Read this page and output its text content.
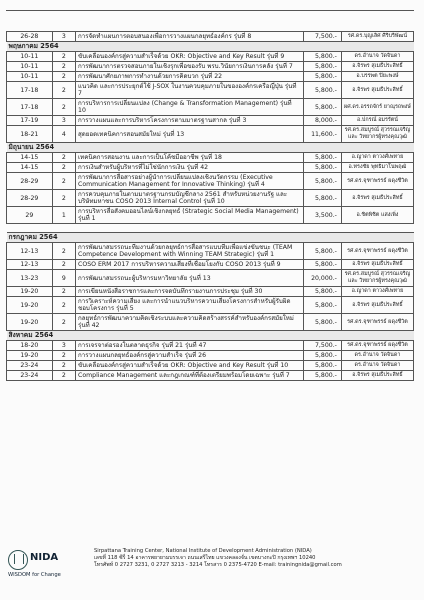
26-28	3	การจัดทำแผนการตอบสนองเพื่อการวางแผนกลยุทธ์องค์กร รุ่นที่ 8	7,500.-	รศ.ดร.บุญเลิศ ศิริบริพัฒน์
พฤษภาคม 2564				
10-11	2	ขับเคลื่อนองค์กรสู่ความสำเร็จด้วย OKR: Objective and Key Result รุ่นที่ 9	5,800.-	ดร.อำนาจ วัดจินดา
10-11	2	การพัฒนาการตรวจสอบภายในเชิงรุกเพื่อของรับ พรบ.วินัยการเงินการคลัง รุ่นที่ 7	5,800.-	อ.จิรพร สุเมธีประสิทธิ์
10-11	2	การพัฒนาศักยภาพการทำงานด้วยการคิดบวก รุ่นที่ 22	5,800.-	อ.บรรพต ปิยะพงษ์
17-18	2	แนวคิด และการประยุกต์ใช้ J-SOX ในงานควบคุมภายในขององค์กรเครือญี่ปุ่น รุ่นที่ 7	5,800.-	อ.จิรพร สุเมธีประสิทธิ์
17-18	2	การบริหารการเปลี่ยนแปลง (Change & Transformation Management) รุ่นที่ 10	5,800.-	ผศ.ดร.อรรถจักร์ ยาณุรถพงษ์
17-19	3	การวางแผนและการบริหารโครงการตามมาตรฐานสากล รุ่นที่ 3	8,000.-	อ.ปกรณ์ อมรรัตน์
18-21	4	สุดยอดเทคนิคการสอนสมัยใหม่ รุ่นที่ 13	11,600.-	รศ.ดร.สมบูรณ์ สุวรรณเจริญ และ วิทยากรผู้ทรงคุณวุฒิ
มิถุนายน 2564				
14-15	2	เทคนิคการสอนงาน และการเป็นโค้ชมืออาชีพ รุ่นที่ 18	5,800.-	อ.ญาดา ตาวงศ์เพทาย
14-15	2	การเงินสำหรับผู้บริหารที่ไม่ใช่นักการเงิน รุ่นที่ 42	5,800.-	อ.ทรงชัย พุทธิมาโนพฤฒิ
28-29	2	การพัฒนาการสื่อสารอย่างผู้นำการเปลี่ยนแปลงเชิงนวัตกรรม (Executive Communication Management for Innovative Thinking) รุ่นที่ 4	5,800.-	รศ.ดร.จุฑาพรรธ์ ผดุงชีวิต
28-29	2	การควบคุมภายในตามมาตรฐานกรมบัญชีกลาง 2561 สำหรับหน่วยงานรัฐ และบริษัทมหาชน COSO 2013 Internal Control รุ่นที่ 10	5,800.-	อ.จิรพร สุเมธีประสิทธิ์
29	1	การบริหารสื่อสังคมออนไลน์เชิงกลยุทธ์ (Strategic Social Media Management) รุ่นที่ 1	3,500.-	อ.ชิตพิชิต แสงเพิ่ง

กรกฎาคม 2564				
12-13	2	การพัฒนาสมรรถนะทีมงานด้วยกลยุทธ์การสื่อสารแบบทีมเพื่อแข่งขันชนะ (TEAM Competence Development with Winning TEAM Strategic) รุ่นที่ 1	5,800.-	รศ.ดร.จุฑาพรรธ์ ผดุงชีวิต
12-13	2	COSO ERM 2017 การบริหารความเสี่ยงที่เชื่อมโยงกับ COSO 2013 รุ่นที่ 9	5,800.-	อ.จิรพร สุเมธีประสิทธิ์
13-23	9	การพัฒนาสมรรถนะผู้บริหารมหาวิทยาลัย รุ่นที่ 13	20,000.-	รศ.ดร.สมบูรณ์ สุวรรณเจริญ และ วิทยากรผู้ทรงคุณวุฒิ
19-20	2	การเขียนหนังสือราชการและการจดบันทึกรายงานการประชุม รุ่นที่ 30	5,800.-	อ.ญาดา ตาวงศ์เพทาย
19-20	2	การวิเคราะห์ความเสี่ยง และการนำแนวบริหารความเสี่ยงโครงการสำหรับผู้รับผิดชอบโครงการ รุ่นที่ 5	5,800.-	อ.จิรพร สุเมธีประสิทธิ์
19-20	2	กลยุทธ์การพัฒนาความคิดเชิงระบบและความคิดสร้างสรรค์สำหรับองค์กรสมัยใหม่ รุ่นที่ 42	5,800.-	รศ.ดร.จุฑาพรรธ์ ผดุงชีวิต
สิงหาคม 2564				
18-20	3	การเจรจาต่อรองในตลาดธุรกิจ รุ่นที่ 21 รุ่นที่ 47	7,500.-	รศ.ดร.จุฑาพรรธ์ ผดุงชีวิต
19-20	2	การวางแผนกลยุทธ์องค์กรสู่ความสำเร็จ รุ่นที่ 26	5,800.-	ดร.อำนาจ วัดจินดา
23-24	2	ขับเคลื่อนองค์กรสู่ความสำเร็จด้วย OKR: Objective and Key Result รุ่นที่ 10	5,800.-	ดร.อำนาจ วัดจินดา
23-24	2	Compliance Management และกฎเกณฑ์ที่ต้องเตรียมพร้อมโดยเฉพาะ รุ่นที่ 7	5,800.-	อ.จิรพร สุเมธีประสิทธิ์
NIDA
WISDOM for Change
Sirpattana Training Center, National Institute of Development Administration (NIDA)
เลขที่ 118 ซีรี่ 14 อาคารพยายามบรรเจา ถนนเสรีไทย แขวงคลองจั่น เขตบางกะปิ กรุงเทพฯ 10240
โทรศัพท์ 0 2727 3231, 0 2727 3213 - 3214 โทรสาร 0 2375-4720 E-mail: trainingnida@gmail.com
